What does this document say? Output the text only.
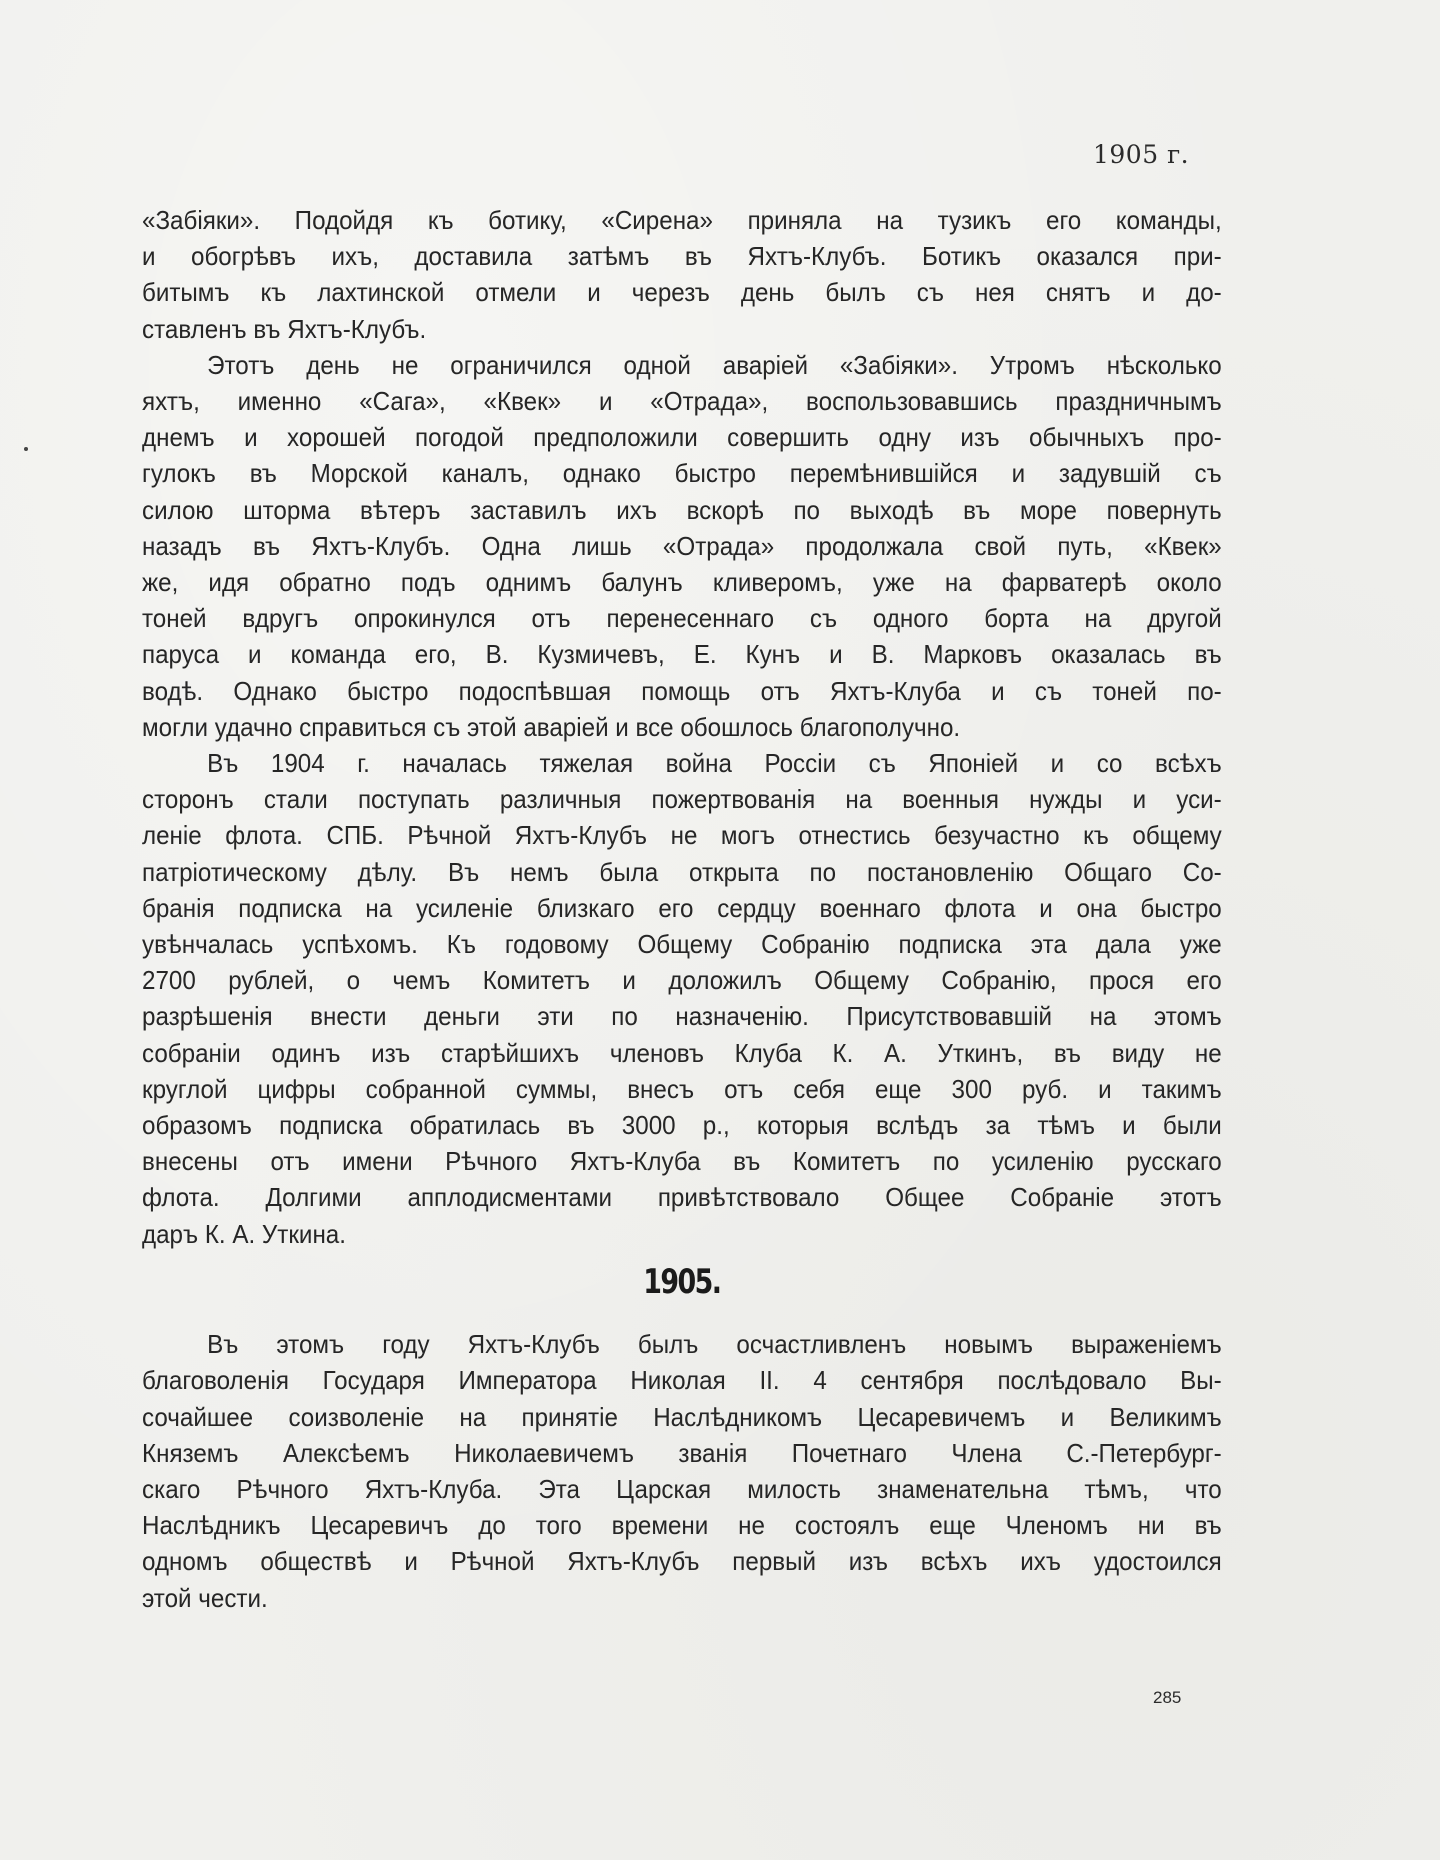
1905 г.
«Забіяки». Подойдя къ ботику, «Сирена» приняла на тузикъ его команды,
и обогрѣвъ ихъ, доставила затѣмъ въ Яхтъ-Клубъ. Ботикъ оказался при-
битымъ къ лахтинской отмели и черезъ день былъ съ нея снятъ и до-
ставленъ въ Яхтъ-Клубъ.
Этотъ день не ограничился одной аваріей «Забіяки». Утромъ нѣсколько
яхтъ, именно «Сага», «Квек» и «Отрада», воспользовавшись праздничнымъ
днемъ и хорошей погодой предположили совершить одну изъ обычныхъ про-
гулокъ въ Морской каналъ, однако быстро перемѣнившійся и задувшій съ
силою шторма вѣтеръ заставилъ ихъ вскорѣ по выходѣ въ море повернуть
назадъ въ Яхтъ-Клубъ. Одна лишь «Отрада» продолжала свой путь, «Квек»
же, идя обратно подъ однимъ балунъ кливеромъ, уже на фарватерѣ около
тоней вдругъ опрокинулся отъ перенесеннаго съ одного борта на другой
паруса и команда его, В. Кузмичевъ, Е. Кунъ и В. Марковъ оказалась въ
водѣ. Однако быстро подоспѣвшая помощь отъ Яхтъ-Клуба и съ тоней по-
могли удачно справиться съ этой аваріей и все обошлось благополучно.
Въ 1904 г. началась тяжелая война Россіи съ Японіей и со всѣхъ
сторонъ стали поступать различныя пожертвованія на военныя нужды и уси-
леніе флота. СПБ. Рѣчной Яхтъ-Клубъ не могъ отнестись безучастно къ общему
патріотическому дѣлу. Въ немъ была открыта по постановленію Общаго Со-
бранія подписка на усиленіе близкаго его сердцу военнаго флота и она быстро
увѣнчалась успѣхомъ. Къ годовому Общему Собранію подписка эта дала уже
2700 рублей, о чемъ Комитетъ и доложилъ Общему Собранію, прося его
разрѣшенія внести деньги эти по назначенію. Присутствовавшій на этомъ
собраніи одинъ изъ старѣйшихъ членовъ Клуба К. А. Уткинъ, въ виду не
круглой цифры собранной суммы, внесъ отъ себя еще 300 руб. и такимъ
образомъ подписка обратилась въ 3000 р., которыя вслѣдъ за тѣмъ и были
внесены отъ имени Рѣчного Яхтъ-Клуба въ Комитетъ по усиленію русскаго
флота. Долгими апплодисментами привѣтствовало Общее Собраніе этотъ
даръ К. А. Уткина.
1905.
Въ этомъ году Яхтъ-Клубъ былъ осчастливленъ новымъ выраженіемъ
благоволенія Государя Императора Николая II. 4 сентября послѣдовало Вы-
сочайшее соизволеніе на принятіе Наслѣдникомъ Цесаревичемъ и Великимъ
Княземъ Алексѣемъ Николаевичемъ званія Почетнаго Члена С.-Петербург-
скаго Рѣчного Яхтъ-Клуба. Эта Царская милость знаменательна тѣмъ, что
Наслѣдникъ Цесаревичъ до того времени не состоялъ еще Членомъ ни въ
одномъ обществѣ и Рѣчной Яхтъ-Клубъ первый изъ всѣхъ ихъ удостоился
этой чести.
285
